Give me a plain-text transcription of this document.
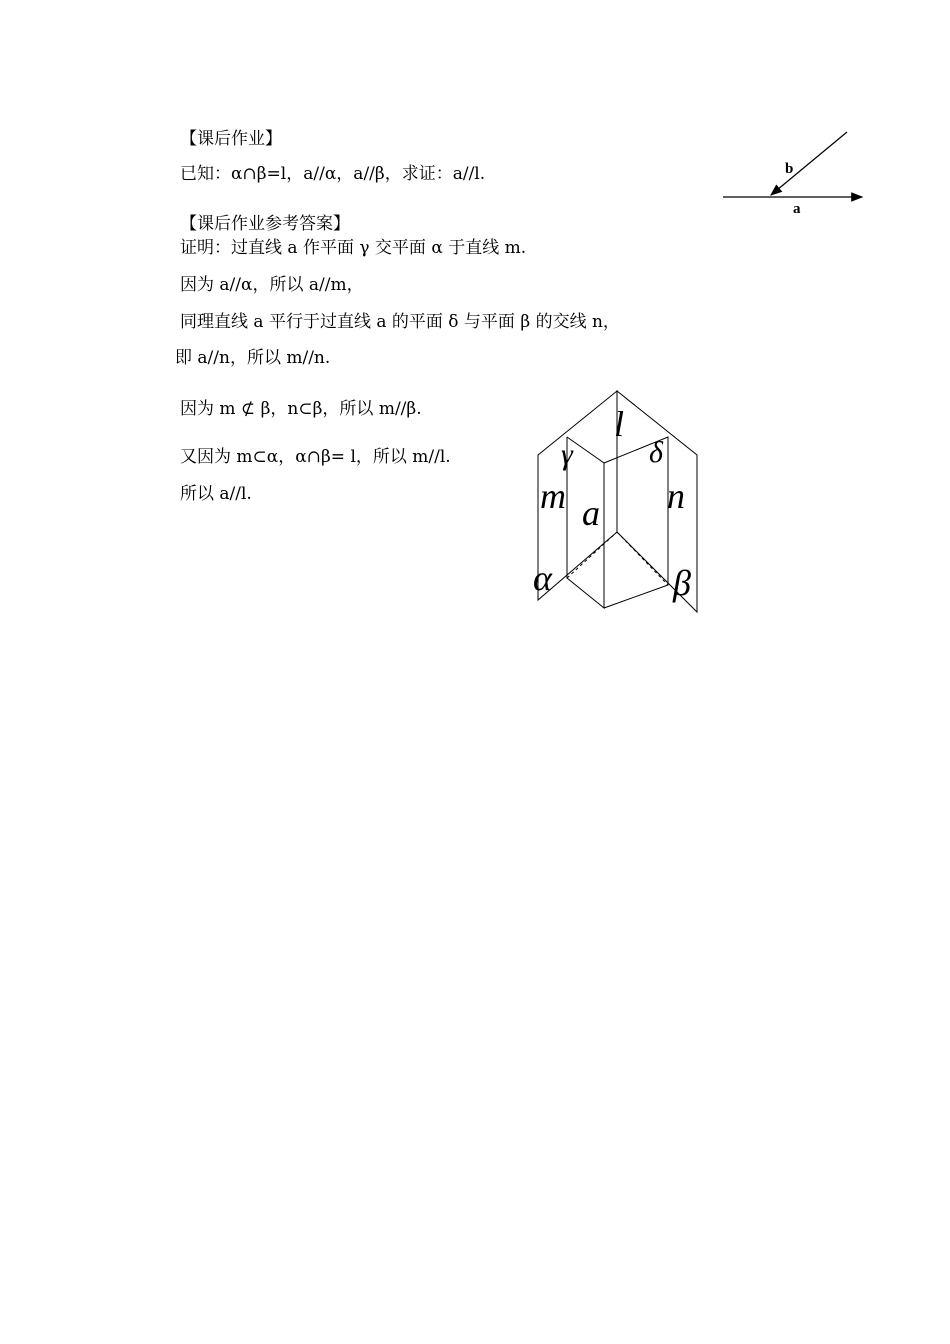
【课后作业】
已知：α∩β=l，a//α，a//β，求证：a//l.
【课后作业参考答案】
证明：过直线 a 作平面 γ 交平面 α 于直线 m.
因为 a//α，所以 a//m，
同理直线 a 平行于过直线 a 的平面 δ 与平面 β 的交线 n，
即 a//n，所以 m//n.
因为 m ⊄ β，n⊂β，所以 m//β.
又因为 m⊂α，α∩β= l，所以 m//l.
所以 a//l.
b
a
l
γ	δ
m a n
α	β
